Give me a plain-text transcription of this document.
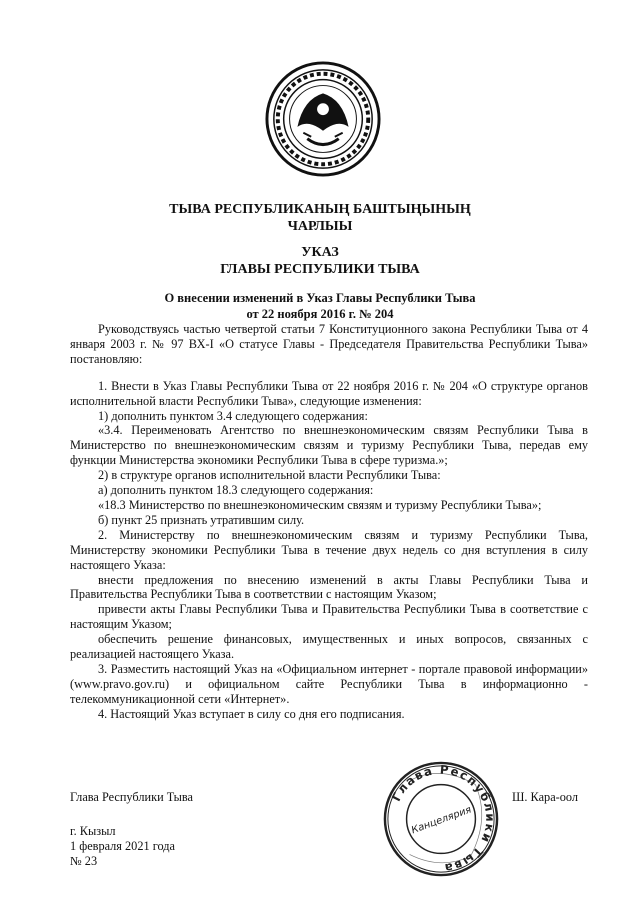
ТЫВА РЕСПУБЛИКАНЫҢ БАШТЫҢЫНЫҢ
ЧАРЛЫЫ
УКАЗ
ГЛАВЫ РЕСПУБЛИКИ ТЫВА
О внесении изменений в Указ Главы Республики Тыва
от 22 ноября 2016 г. № 204

Руководствуясь частью четвертой статьи 7 Конституционного закона Республики Тыва от 4 января 2003 г. № 97 ВХ-I «О статусе Главы - Председателя Правительства Республики Тыва» постановляю:

1. Внести в Указ Главы Республики Тыва от 22 ноября 2016 г. № 204 «О структуре органов исполнительной власти Республики Тыва», следующие изменения:

1) дополнить пунктом 3.4 следующего содержания:

«3.4. Переименовать Агентство по внешнеэкономическим связям Республики Тыва в Министерство по внешнеэкономическим связям и туризму Республики Тыва, передав ему функции Министерства экономики Республики Тыва в сфере туризма.»;

2) в структуре органов исполнительной власти Республики Тыва:

а) дополнить пунктом 18.3 следующего содержания:

«18.3 Министерство по внешнеэкономическим связям и туризму Республики Тыва»;

б) пункт 25 признать утратившим силу.

2. Министерству по внешнеэкономическим связям и туризму Республики Тыва, Министерству экономики Республики Тыва в течение двух недель со дня вступления в силу настоящего Указа:

внести предложения по внесению изменений в акты Главы Республики Тыва и Правительства Республики Тыва в соответствии с настоящим Указом;

привести акты Главы Республики Тыва и Правительства Республики Тыва в соответствие с настоящим Указом;

обеспечить решение финансовых, имущественных и иных вопросов, связанных с реализацией настоящего Указа.

3. Разместить настоящий Указ на «Официальном интернет - портале правовой информации» (www.pravo.gov.ru) и официальном сайте Республики Тыва в информационно - телекоммуникационной сети «Интернет».

4. Настоящий Указ вступает в силу со дня его подписания.

Глава Республики Тыва	Ш. Кара-оол
г. Кызыл
1 февраля 2021 года
№ 23
Глава Республики Тыва
Канцелярия
